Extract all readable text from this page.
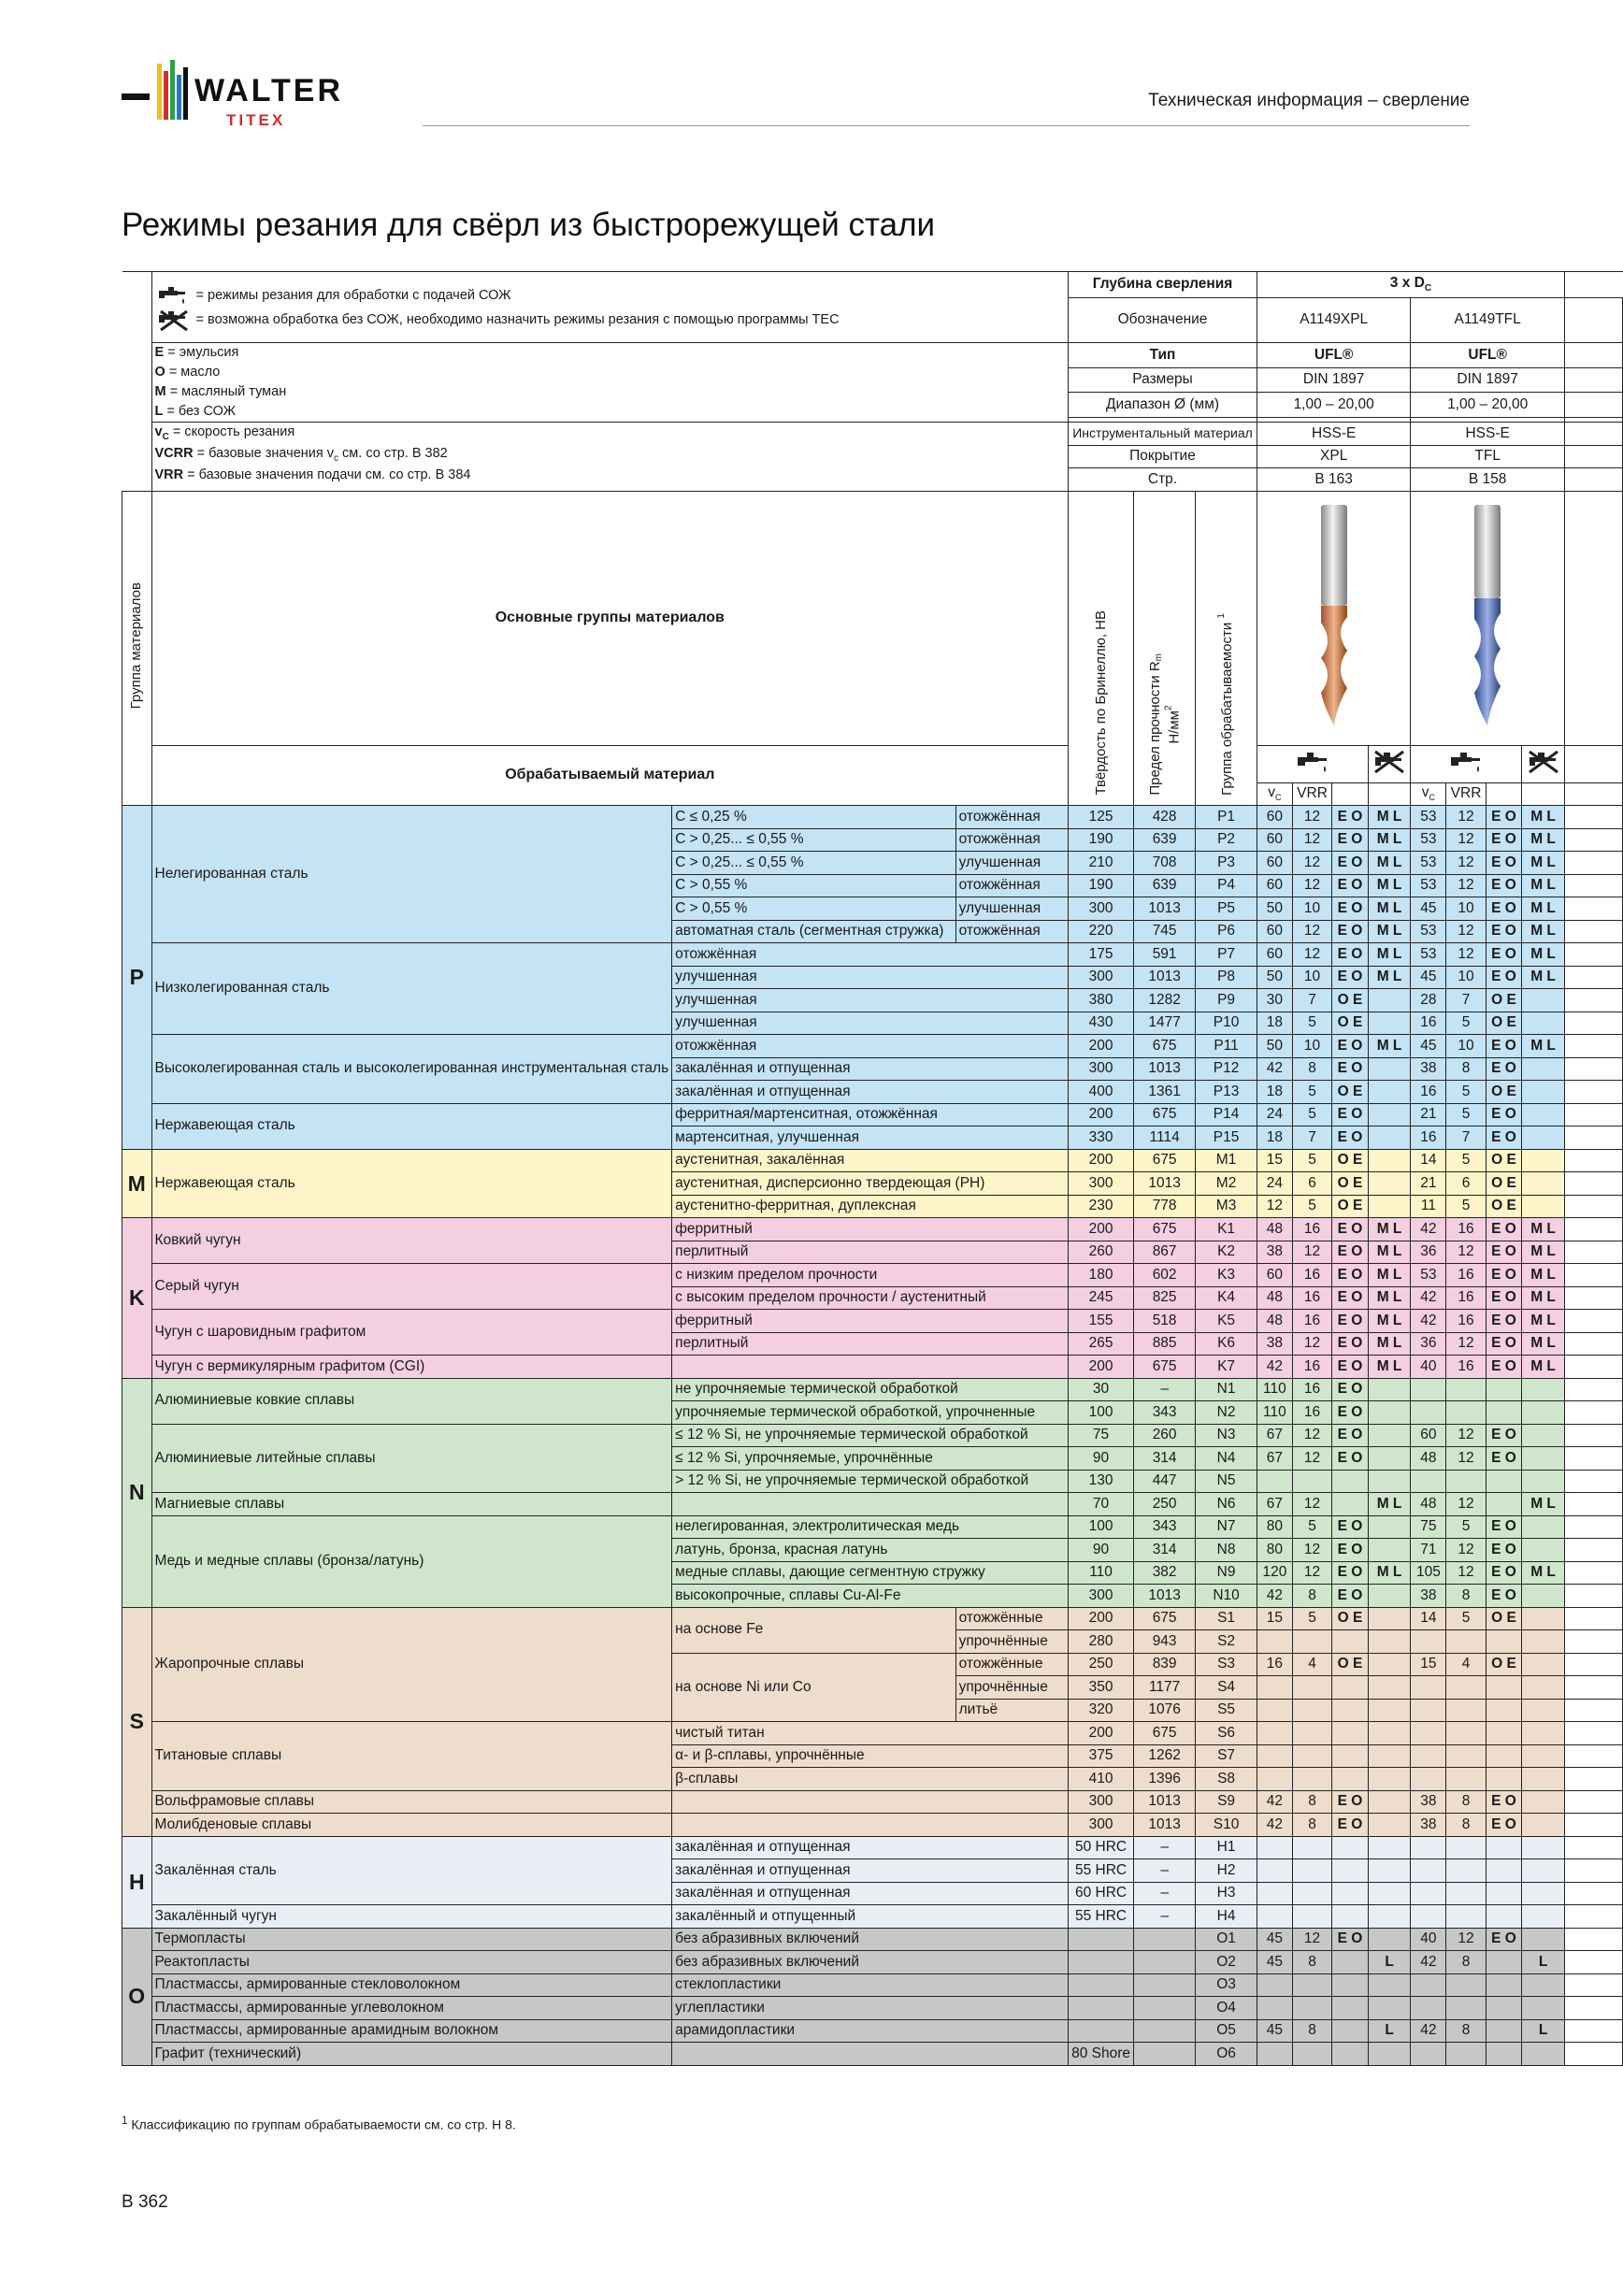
WALTER
TITEX
Техническая информация – сверление
Режимы резания для свёрл из быстрорежущей стали
	= режимы резания для обработки с подачей СОЖ
= возможна обработка без СОЖ, необходимо назначить режимы резания с помощью программы TEC			Глубина сверления			3 x $D_C$	
				Обозначение			A1149XPL				A1149TFL				
	E = эмульсия
O = масло
M = масляный туман
L = без СОЖ			Тип			UFL®				UFL®				
				Размеры			DIN 1897				DIN 1897				
				Диапазон Ø (мм)			1,00 – 20,00				1,00 – 20,00				

	$v_C$ = скорость резания
VCRR = базовые значения $v_c$ см. со стр. B 382
VRR = базовые значения подачи см. со стр. B 384			Инструментальный материал			HSS-E				HSS-E				
				Покрытие			XPL				TFL				
				Стр.			B 163				B 158				
Группа материалов	Основные группы материалов			Твёрдость по Бринеллю, HB	Предел прочности $R_m$
$Н/мм^2$	Группа обрабатываемости $^1$	

	Обрабатываемый материал					
							$v_C$	VRR			$v_C$	VRR			
P	Нелегированная сталь	C ≤ 0,25 %	отожжённая	125	428	P1	60	12	E O	M L	53	12	E O	M L	
		C > 0,25... ≤ 0,55 %	отожжённая	190	639	P2	60	12	E O	M L	53	12	E O	M L	
		C > 0,25... ≤ 0,55 %	улучшенная	210	708	P3	60	12	E O	M L	53	12	E O	M L	
		C > 0,55 %	отожжённая	190	639	P4	60	12	E O	M L	53	12	E O	M L	
		C > 0,55 %	улучшенная	300	1013	P5	50	10	E O	M L	45	10	E O	M L	
		автоматная сталь (сегментная стружка)	отожжённая	220	745	P6	60	12	E O	M L	53	12	E O	M L	
	Низколегированная сталь	отожжённая		175	591	P7	60	12	E O	M L	53	12	E O	M L	
		улучшенная		300	1013	P8	50	10	E O	M L	45	10	E O	M L	
		улучшенная		380	1282	P9	30	7	O E		28	7	O E		
		улучшенная		430	1477	P10	18	5	O E		16	5	O E		
	Высоколегированная сталь и высоколегированная инструментальная сталь	отожжённая		200	675	P11	50	10	E O	M L	45	10	E O	M L	
		закалённая и отпущенная		300	1013	P12	42	8	E O		38	8	E O		
		закалённая и отпущенная		400	1361	P13	18	5	O E		16	5	O E		
	Нержавеющая сталь	ферритная/мартенситная, отожжённая		200	675	P14	24	5	E O		21	5	E O		
		мартенситная, улучшенная		330	1114	P15	18	7	E O		16	7	E O		
M	Нержавеющая сталь	аустенитная, закалённая		200	675	M1	15	5	O E		14	5	O E		
		аустенитная, дисперсионно твердеющая (PH)		300	1013	M2	24	6	O E		21	6	O E		
		аустенитно-ферритная, дуплексная		230	778	M3	12	5	O E		11	5	O E		
K	Ковкий чугун	ферритный		200	675	K1	48	16	E O	M L	42	16	E O	M L	
		перлитный		260	867	K2	38	12	E O	M L	36	12	E O	M L	
	Серый чугун	с низким пределом прочности		180	602	K3	60	16	E O	M L	53	16	E O	M L	
		с высоким пределом прочности / аустенитный		245	825	K4	48	16	E O	M L	42	16	E O	M L	
	Чугун с шаровидным графитом	ферритный		155	518	K5	48	16	E O	M L	42	16	E O	M L	
		перлитный		265	885	K6	38	12	E O	M L	36	12	E O	M L	
	Чугун с вермикулярным графитом (CGI)			200	675	K7	42	16	E O	M L	40	16	E O	M L	
N	Алюминиевые ковкие сплавы	не упрочняемые термической обработкой		30	–	N1	110	16	E O						
		упрочняемые термической обработкой, упрочненные		100	343	N2	110	16	E O						
	Алюминиевые литейные сплавы	≤ 12 % Si, не упрочняемые термической обработкой		75	260	N3	67	12	E O		60	12	E O		
		≤ 12 % Si, упрочняемые, упрочнённые		90	314	N4	67	12	E O		48	12	E O		
		> 12 % Si, не упрочняемые термической обработкой		130	447	N5									
	Магниевые сплавы			70	250	N6	67	12		M L	48	12		M L	
	Медь и медные сплавы (бронза/латунь)	нелегированная, электролитическая медь		100	343	N7	80	5	E O		75	5	E O		
		латунь, бронза, красная латунь		90	314	N8	80	12	E O		71	12	E O		
		медные сплавы, дающие сегментную стружку		110	382	N9	120	12	E O	M L	105	12	E O	M L	
		высокопрочные, сплавы Cu-Al-Fe		300	1013	N10	42	8	E O		38	8	E O		
S	Жаропрочные сплавы	на основе Fe	отожжённые	200	675	S1	15	5	O E		14	5	O E		
			упрочнённые	280	943	S2									
		на основе Ni или Co	отожжённые	250	839	S3	16	4	O E		15	4	O E		
			упрочнённые	350	1177	S4									
			литьё	320	1076	S5									
	Титановые сплавы	чистый титан		200	675	S6									
		α- и β-сплавы, упрочнённые		375	1262	S7									
		β-сплавы		410	1396	S8									
	Вольфрамовые сплавы			300	1013	S9	42	8	E O		38	8	E O		
	Молибденовые сплавы			300	1013	S10	42	8	E O		38	8	E O		
H	Закалённая сталь	закалённая и отпущенная		50 HRC	–	H1									
		закалённая и отпущенная		55 HRC	–	H2									
		закалённая и отпущенная		60 HRC	–	H3									
	Закалённый чугун	закалённый и отпущенный		55 HRC	–	H4									
O	Термопласты	без абразивных включений				O1	45	12	E O		40	12	E O		
	Реактопласты	без абразивных включений				O2	45	8		L	42	8		L	
	Пластмассы, армированные стекловолокном	стеклопластики				O3									
	Пластмассы, армированные углеволокном	углепластики				O4									
	Пластмассы, армированные арамидным волокном	арамидопластики				O5	45	8		L	42	8		L	
	Графит (технический)			80 Shore		O6									
$^1$ Классификацию по группам обрабатываемости см. со стр. H 8.
B 362
